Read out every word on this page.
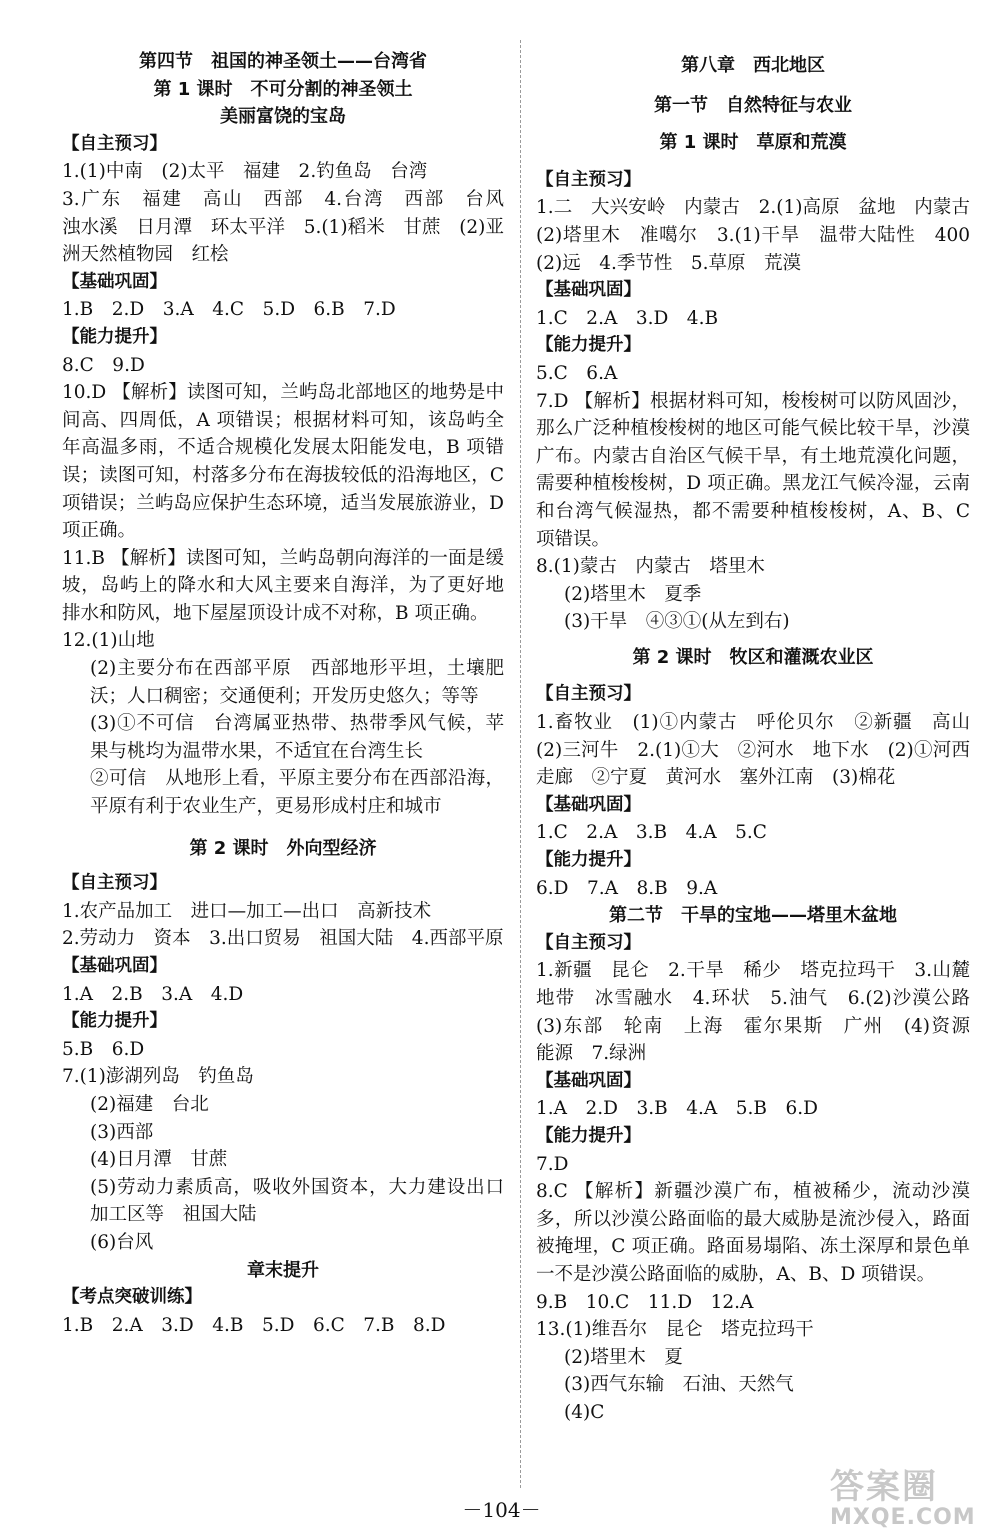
第四节　祖国的神圣领土——台湾省
第 1 课时　不可分割的神圣领土
美丽富饶的宝岛
【自主预习】
1.(1)中南　(2)太平　福建　2.钓鱼岛　台湾
3.广东　福建　高山　西部　4.台湾　西部　台风　浊水溪　日月潭　环太平洋　5.(1)稻米　甘蔗　(2)亚洲天然植物园　红桧
【基础巩固】
1.B　2.D　3.A　4.C　5.D　6.B　7.D
【能力提升】
8.C　9.D
10.D 【解析】读图可知，兰屿岛北部地区的地势是中间高、四周低，A 项错误；根据材料可知，该岛屿全年高温多雨，不适合规模化发展太阳能发电，B 项错误；读图可知，村落多分布在海拔较低的沿海地区，C 项错误；兰屿岛应保护生态环境，适当发展旅游业，D 项正确。
11.B 【解析】读图可知，兰屿岛朝向海洋的一面是缓坡，岛屿上的降水和大风主要来自海洋，为了更好地排水和防风，地下屋屋顶设计成不对称，B 项正确。
12.(1)山地
(2)主要分布在西部平原　西部地形平坦，土壤肥沃；人口稠密；交通便利；开发历史悠久；等等
(3)①不可信　台湾属亚热带、热带季风气候，苹果与桃均为温带水果，不适宜在台湾生长
②可信　从地形上看，平原主要分布在西部沿海，平原有利于农业生产，更易形成村庄和城市
第 2 课时　外向型经济
【自主预习】
1.农产品加工　进口—加工—出口　高新技术
2.劳动力　资本　3.出口贸易　祖国大陆　4.西部平原
【基础巩固】
1.A　2.B　3.A　4.D
【能力提升】
5.B　6.D
7.(1)澎湖列岛　钓鱼岛
(2)福建　台北
(3)西部
(4)日月潭　甘蔗
(5)劳动力素质高，吸收外国资本，大力建设出口加工区等　祖国大陆
(6)台风
章末提升
【考点突破训练】
1.B　2.A　3.D　4.B　5.D　6.C　7.B　8.D
第八章　西北地区
第一节　自然特征与农业
第 1 课时　草原和荒漠
【自主预习】
1.二　大兴安岭　内蒙古　2.(1)高原　盆地　内蒙古　(2)塔里木　准噶尔　3.(1)干旱　温带大陆性　400　(2)远　4.季节性　5.草原　荒漠
【基础巩固】
1.C　2.A　3.D　4.B
【能力提升】
5.C　6.A
7.D 【解析】根据材料可知，梭梭树可以防风固沙，那么广泛种植梭梭树的地区可能气候比较干旱，沙漠广布。内蒙古自治区气候干旱，有土地荒漠化问题，需要种植梭梭树，D 项正确。黑龙江气候冷湿，云南和台湾气候湿热，都不需要种植梭梭树，A、B、C 项错误。
8.(1)蒙古　内蒙古　塔里木
(2)塔里木　夏季
(3)干旱　④③①(从左到右)
第 2 课时　牧区和灌溉农业区
【自主预习】
1.畜牧业　(1)①内蒙古　呼伦贝尔　②新疆　高山　(2)三河牛　2.(1)①大　②河水　地下水　(2)①河西走廊　②宁夏　黄河水　塞外江南　(3)棉花
【基础巩固】
1.C　2.A　3.B　4.A　5.C
【能力提升】
6.D　7.A　8.B　9.A
第二节　干旱的宝地——塔里木盆地
【自主预习】
1.新疆　昆仑　2.干旱　稀少　塔克拉玛干　3.山麓地带　冰雪融水　4.环状　5.油气　6.(2)沙漠公路　(3)东部　轮南　上海　霍尔果斯　广州　(4)资源　能源　7.绿洲
【基础巩固】
1.A　2.D　3.B　4.A　5.B　6.D
【能力提升】
7.D
8.C 【解析】新疆沙漠广布，植被稀少，流动沙漠多，所以沙漠公路面临的最大威胁是流沙侵入，路面被掩埋，C 项正确。路面易塌陷、冻土深厚和景色单一不是沙漠公路面临的威胁，A、B、D 项错误。
9.B　10.C　11.D　12.A
13.(1)维吾尔　昆仑　塔克拉玛干
(2)塔里木　夏
(3)西气东输　石油、天然气
(4)C
－104－
答案圈
MXQE.COM
